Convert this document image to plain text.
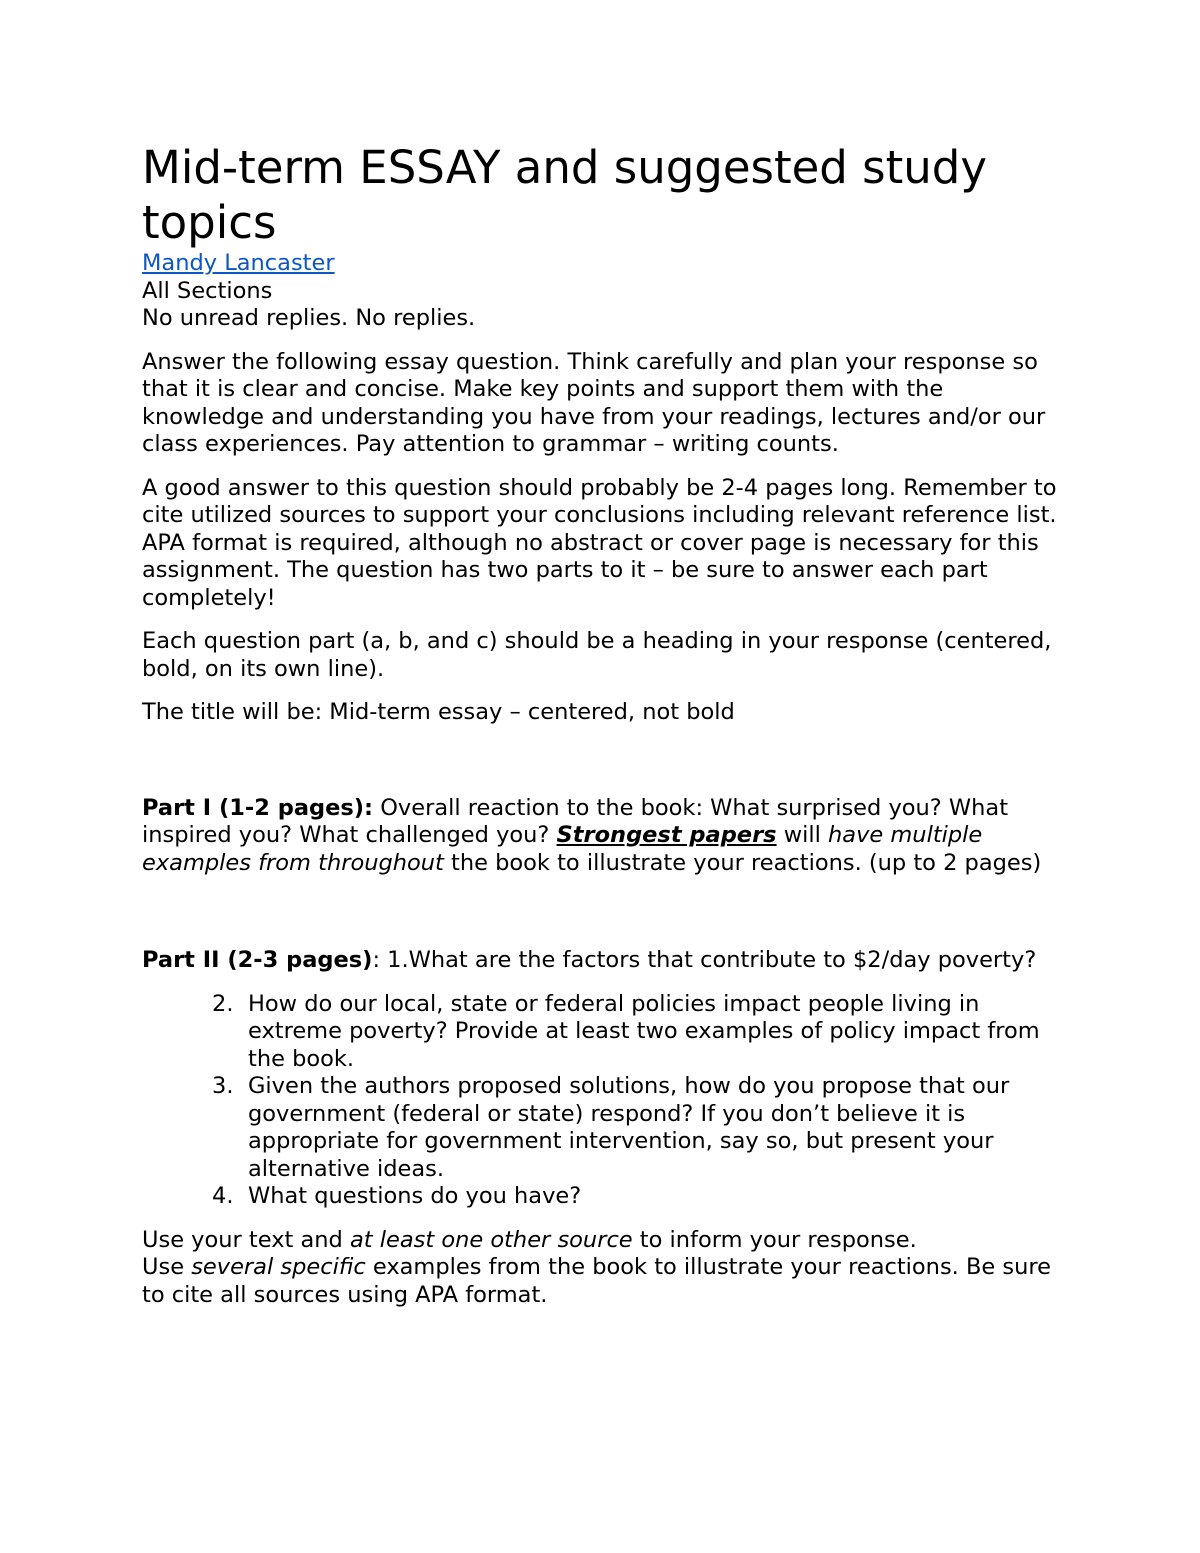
Mid-term ESSAY and suggested study topics
Mandy Lancaster
All Sections
No unread replies. No replies.

Answer the following essay question. Think carefully and plan your response so that it is clear and concise. Make key points and support them with the knowledge and understanding you have from your readings, lectures and/or our class experiences. Pay attention to grammar – writing counts.

A good answer to this question should probably be 2-4 pages long. Remember to cite utilized sources to support your conclusions including relevant reference list. APA format is required, although no abstract or cover page is necessary for this assignment. The question has two parts to it – be sure to answer each part completely!

Each question part (a, b, and c) should be a heading in your response (centered, bold, on its own line).

The title will be: Mid-term essay – centered, not bold

Part I (1-2 pages): Overall reaction to the book: What surprised you? What inspired you? What challenged you? Strongest papers will have multiple examples from throughout the book to illustrate your reactions. (up to 2 pages)

Part II (2-3 pages): 1.What are the factors that contribute to $2/day poverty?

2. How do our local, state or federal policies impact people living in extreme poverty? Provide at least two examples of policy impact from the book.
3. Given the authors proposed solutions, how do you propose that our government (federal or state) respond? If you don’t believe it is appropriate for government intervention, say so, but present your alternative ideas.
4. What questions do you have?

Use your text and at least one other source to inform your response.
Use several specific examples from the book to illustrate your reactions. Be sure to cite all sources using APA format.
